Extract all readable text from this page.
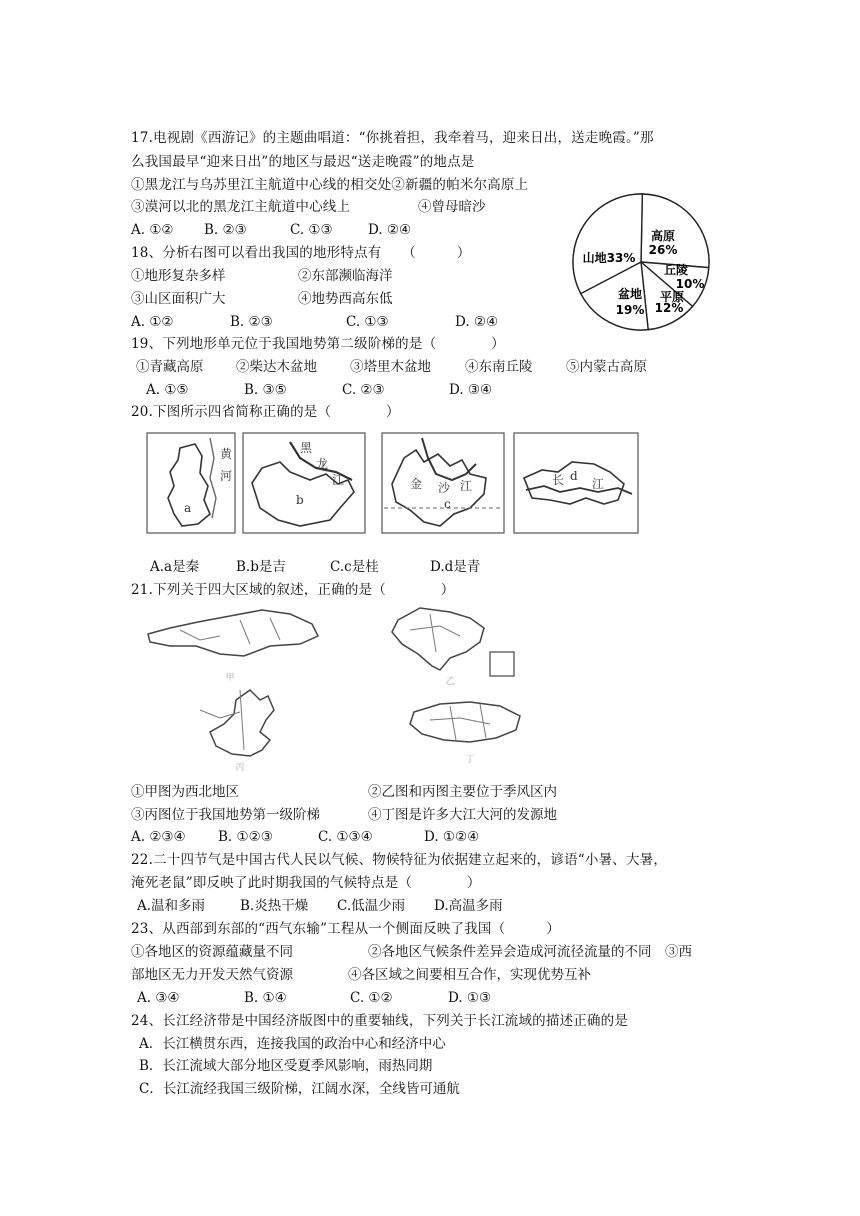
17.电视剧《西游记》的主题曲唱道：“你挑着担，我牵着马，迎来日出，送走晚霞。”那
么我国最早“迎来日出”的地区与最迟“送走晚霞”的地点是
①黑龙江与乌苏里江主航道中心线的相交处②新疆的帕米尔高原上
③漠河以北的黑龙江主航道中心线上	④曾母暗沙
A. ①② B. ②③	C. ①③	D. ②④
18、分析右图可以看出我国的地形特点有　　（　　　）
①地形复杂多样	②东部濒临海洋
③山区面积广大	④地势西高东低
A. ①②	B. ②③	C. ①③	D. ②④
高原
26%
丘陵
10%
平原
12%
盆地
19%
山地33%
19、下列地形单元位于我国地势第二级阶梯的是（　　　　）
①青藏高原 ②柴达木盆地 ③塔里木盆地	④东南丘陵 ⑤内蒙古高原
A. ①⑤	B. ③⑤	C. ②③	D. ③④
20.下图所示四省简称正确的是（　　　　）
黄
河
a
黑
龙
江
b
金 沙 江
c
长 江
d
A.a是秦	B.b是吉	C.c是桂	D.d是青
21.下列关于四大区域的叙述，正确的是（　　　　）
甲	乙
丙
丁
①甲图为西北地区	②乙图和丙图主要位于季风区内
③丙图位于我国地势第一级阶梯	④丁图是许多大江大河的发源地
A. ②③④ B. ①②③	C. ①③④	D. ①②④
22.二十四节气是中国古代人民以气候、物候特征为依据建立起来的，谚语“小暑、大暑，
淹死老鼠”即反映了此时期我国的气候特点是（　　　　）
A.温和多雨	B.炎热干燥 C.低温少雨 D.高温多雨
23、从西部到东部的“西气东输”工程从一个侧面反映了我国（　　　）
①各地区的资源蕴藏量不同	②各地区气候条件差异会造成河流径流量的不同　③西
部地区无力开发天然气资源	④各区域之间要相互合作，实现优势互补
A. ③④	B. ①④	C. ①②	D. ①③
24、长江经济带是中国经济版图中的重要轴线，下列关于长江流域的描述正确的是
A．长江横贯东西，连接我国的政治中心和经济中心
B．长江流域大部分地区受夏季风影响，雨热同期
C．长江流经我国三级阶梯，江阔水深，全线皆可通航
